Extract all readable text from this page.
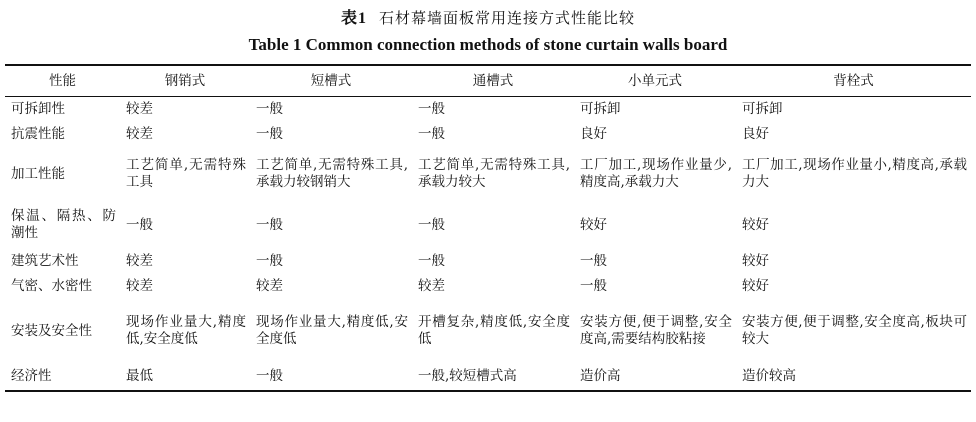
表1 石材幕墙面板常用连接方式性能比较
Table 1 Common connection methods of stone curtain walls board
性能	钢销式	短槽式	通槽式	小单元式	背栓式
可拆卸性	较差	一般	一般	可拆卸	可拆卸
抗震性能	较差	一般	一般	良好	良好
加工性能	工艺简单,无需特殊工具	工艺简单,无需特殊工具,承载力较钢销大	工艺简单,无需特殊工具,承载力较大	工厂加工,现场作业量少,精度高,承载力大	工厂加工,现场作业量小,精度高,承载力大
保温、隔热、防潮性	一般	一般	一般	较好	较好
建筑艺术性	较差	一般	一般	一般	较好
气密、水密性	较差	较差	较差	一般	较好
安装及安全性	现场作业量大,精度低,安全度低	现场作业量大,精度低,安全度低	开槽复杂,精度低,安全度低	安装方便,便于调整,安全度高,需要结构胶粘接	安装方便,便于调整,安全度高,板块可较大
经济性	最低	一般	一般,较短槽式高	造价高	造价较高
